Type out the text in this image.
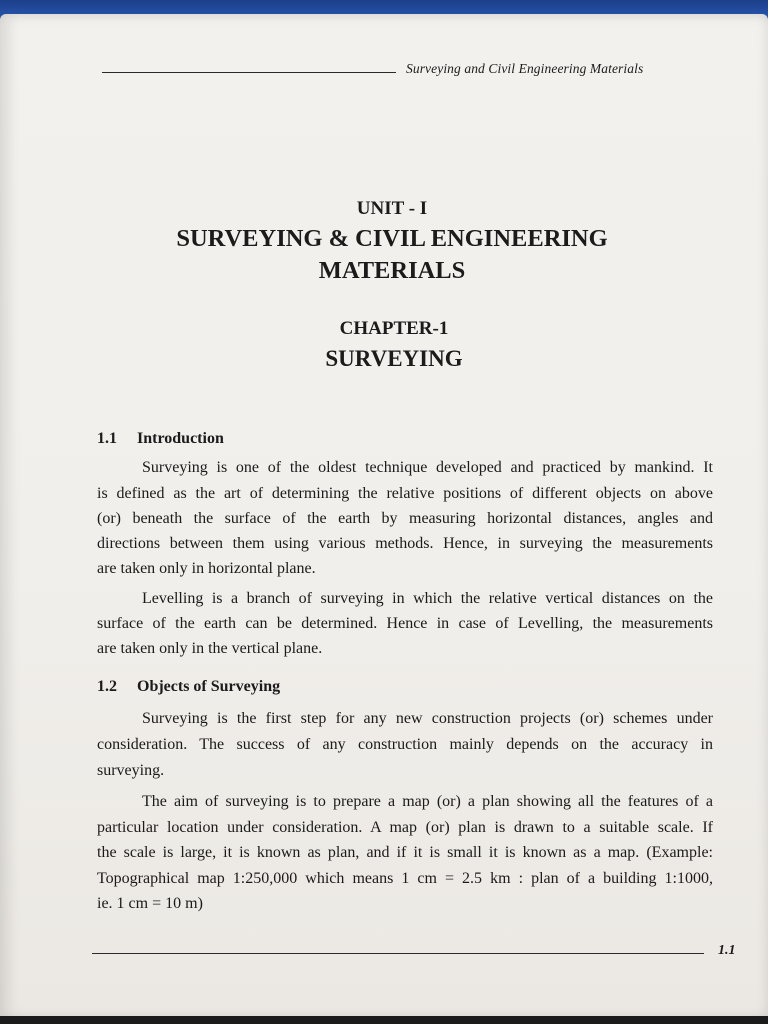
Surveying and Civil Engineering Materials
UNIT - I
SURVEYING & CIVIL ENGINEERING
MATERIALS
CHAPTER-1
SURVEYING
1.1 Introduction
Surveying is one of the oldest technique developed and practiced by mankind. It
is defined as the art of determining the relative positions of different objects on above
(or) beneath the surface of the earth by measuring horizontal distances, angles and
directions between them using various methods. Hence, in surveying the measurements
are taken only in horizontal plane.
Levelling is a branch of surveying in which the relative vertical distances on the
surface of the earth can be determined. Hence in case of Levelling, the measurements
are taken only in the vertical plane.
1.2 Objects of Surveying
Surveying is the first step for any new construction projects (or) schemes under
consideration. The success of any construction mainly depends on the accuracy in
surveying.
The aim of surveying is to prepare a map (or) a plan showing all the features of a
particular location under consideration. A map (or) plan is drawn to a suitable scale. If
the scale is large, it is known as plan, and if it is small it is known as a map. (Example:
Topographical map 1:250,000 which means 1 cm = 2.5 km : plan of a building 1:1000,
ie. 1 cm = 10 m)
1.1
